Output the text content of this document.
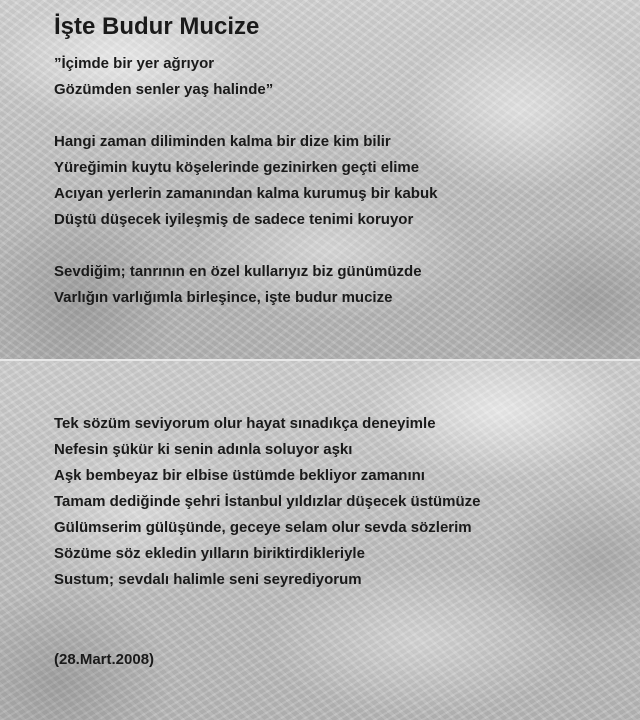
İşte Budur Mucize
”İçimde bir yer ağrıyor
Gözümden senler yaş halinde”
Hangi zaman diliminden kalma bir dize kim bilir
Yüreğimin kuytu köşelerinde gezinirken geçti elime
Acıyan yerlerin zamanından kalma kurumuş bir kabuk
Düştü düşecek iyileşmiş de sadece tenimi koruyor
Sevdiğim; tanrının en özel kullarıyız biz günümüzde
Varlığın varlığımla birleşince, işte budur mucize
Tek sözüm seviyorum olur hayat sınadıkça deneyimle
Nefesin şükür ki senin adınla soluyor aşkı
Aşk bembeyaz bir elbise üstümde bekliyor zamanını
Tamam dediğinde şehri İstanbul yıldızlar düşecek üstümüze
Gülümserim gülüşünde, geceye selam olur sevda sözlerim
Sözüme söz ekledin yılların biriktirdikleriyle
Sustum; sevdalı halimle seni seyrediyorum
(28.Mart.2008)
